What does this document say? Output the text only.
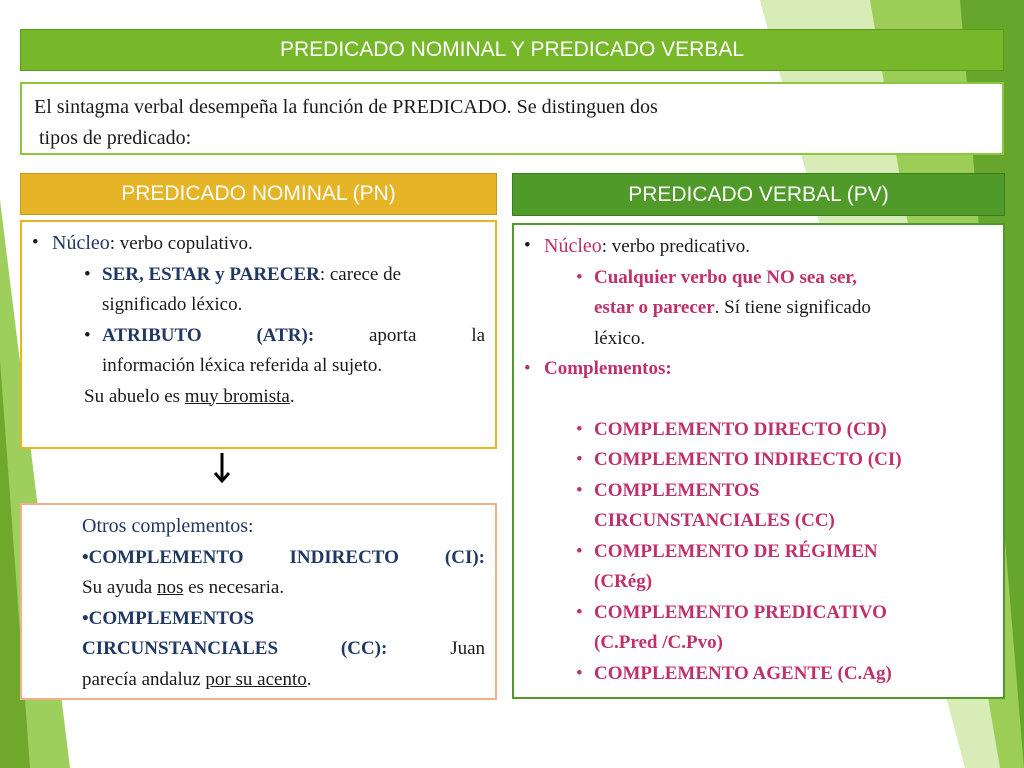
PREDICADO NOMINAL Y PREDICADO VERBAL
El sintagma verbal desempeña la función de PREDICADO. Se distinguen dos
tipos de predicado:
PREDICADO NOMINAL (PN)	PREDICADO VERBAL (PV)
• Núcleo: verbo copulativo.
• SER, ESTAR y PARECER: carece de
significado léxico.
• ATRIBUTO	(ATR):	aporta	la
información léxica referida al sujeto.
Su abuelo es muy bromista.
Otros complementos:
•COMPLEMENTO INDIRECTO (CI):
Su ayuda nos es necesaria.
•COMPLEMENTOS
CIRCUNSTANCIALES	(CC):	Juan
parecía andaluz por su acento.
• Núcleo: verbo predicativo.
• Cualquier verbo que NO sea ser,
estar o parecer. Sí tiene significado
léxico.
• Complementos:
• COMPLEMENTO DIRECTO (CD)
• COMPLEMENTO INDIRECTO (CI)
• COMPLEMENTOS
CIRCUNSTANCIALES (CC)
• COMPLEMENTO DE RÉGIMEN
(CRég)
• COMPLEMENTO PREDICATIVO
(C.Pred /C.Pvo)
• COMPLEMENTO AGENTE (C.Ag)
